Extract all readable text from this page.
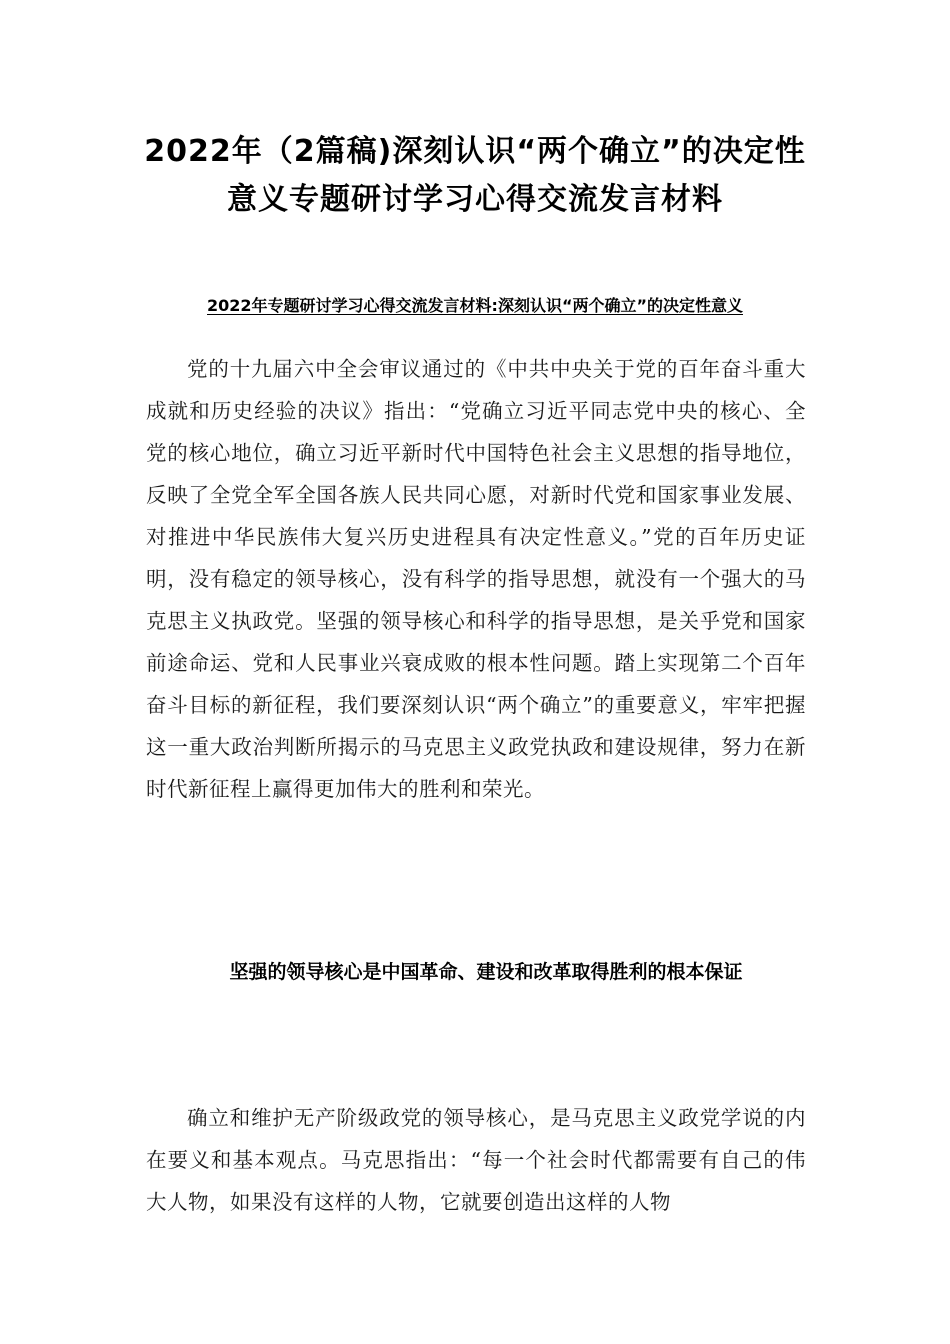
2022年（2篇稿)深刻认识“两个确立”的决定性意义专题研讨学习心得交流发言材料
2022年专题研讨学习心得交流发言材料:深刻认识“两个确立”的决定性意义

党的十九届六中全会审议通过的《中共中央关于党的百年奋斗重大成就和历史经验的决议》指出：“党确立习近平同志党中央的核心、全党的核心地位，确立习近平新时代中国特色社会主义思想的指导地位，反映了全党全军全国各族人民共同心愿，对新时代党和国家事业发展、对推进中华民族伟大复兴历史进程具有决定性意义。”党的百年历史证明，没有稳定的领导核心，没有科学的指导思想，就没有一个强大的马克思主义执政党。坚强的领导核心和科学的指导思想，是关乎党和国家前途命运、党和人民事业兴衰成败的根本性问题。踏上实现第二个百年奋斗目标的新征程，我们要深刻认识“两个确立”的重要意义，牢牢把握这一重大政治判断所揭示的马克思主义政党执政和建设规律，努力在新时代新征程上赢得更加伟大的胜利和荣光。

坚强的领导核心是中国革命、建设和改革取得胜利的根本保证

确立和维护无产阶级政党的领导核心，是马克思主义政党学说的内在要义和基本观点。马克思指出：“每一个社会时代都需要有自己的伟大人物，如果没有这样的人物，它就要创造出这样的人物
